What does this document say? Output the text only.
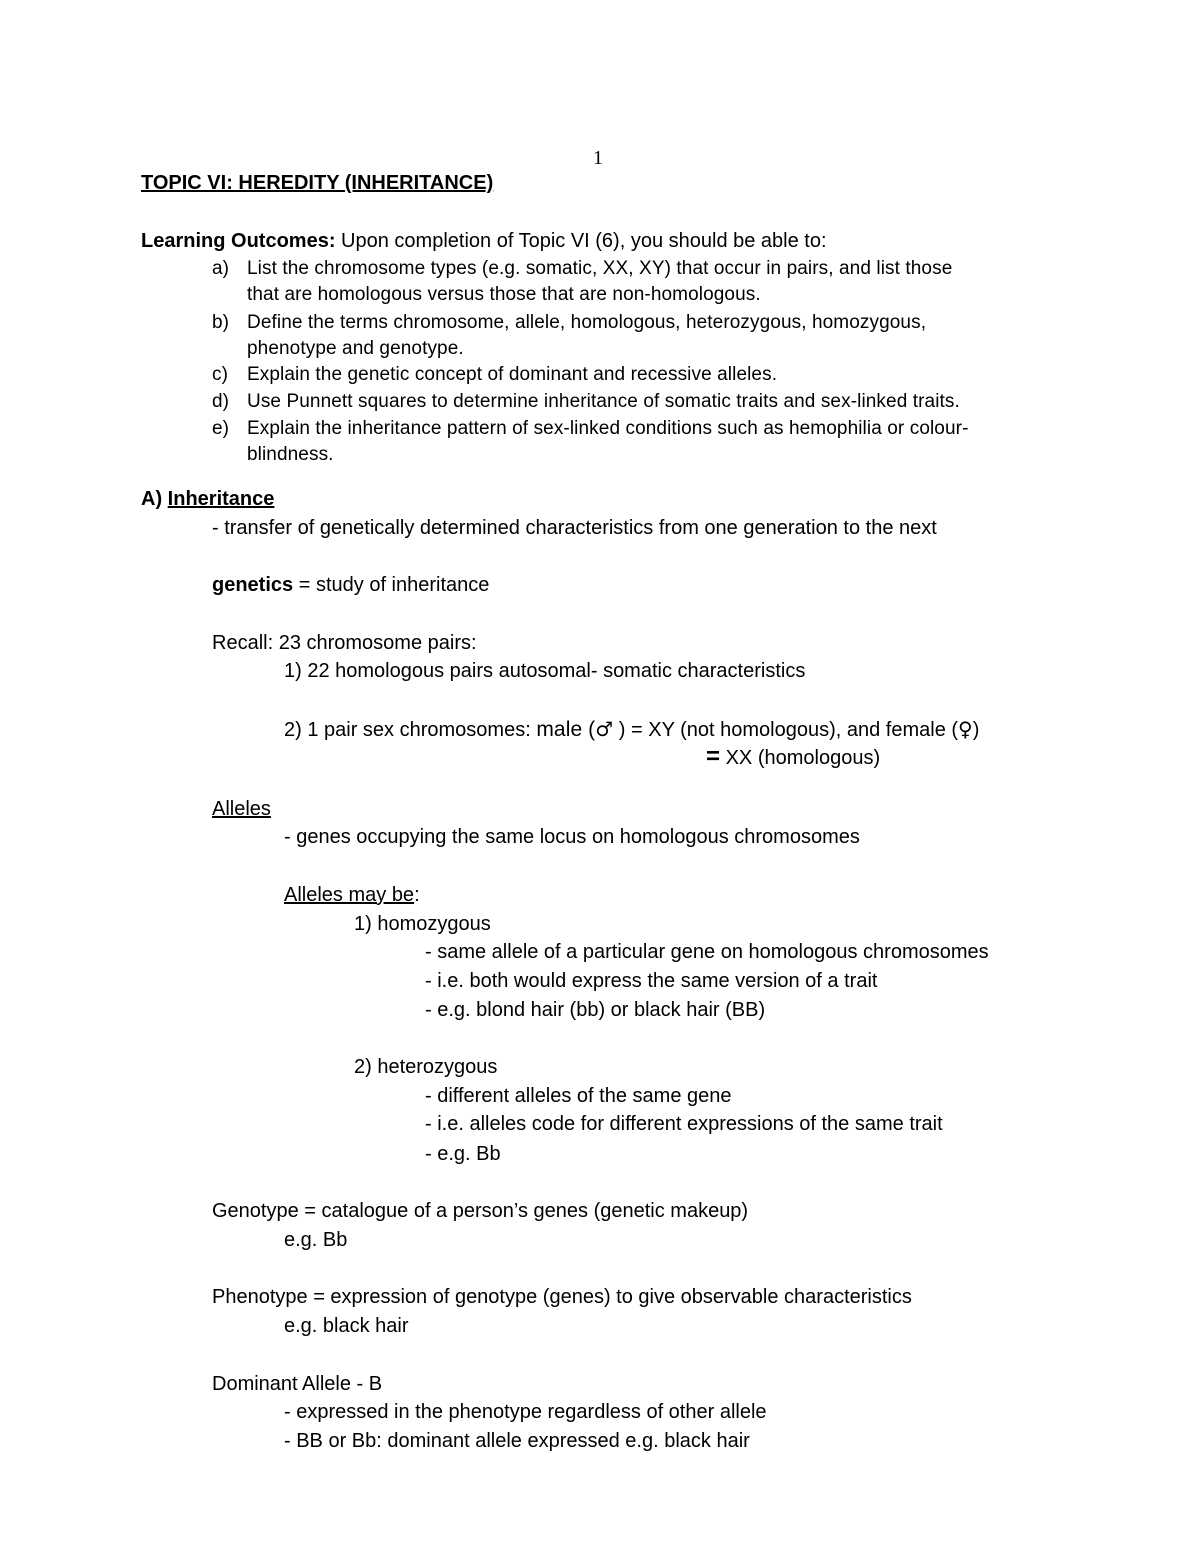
1
TOPIC VI: HEREDITY (INHERITANCE)
Learning Outcomes: Upon completion of Topic VI (6), you should be able to:
a) List the chromosome types (e.g. somatic, XX, XY) that occur in pairs, and list those
that are homologous versus those that are non-homologous.
b) Define the terms chromosome, allele, homologous, heterozygous, homozygous,
phenotype and genotype.
c) Explain the genetic concept of dominant and recessive alleles.
d) Use Punnett squares to determine inheritance of somatic traits and sex-linked traits.
e) Explain the inheritance pattern of sex-linked conditions such as hemophilia or colour-
blindness.
A) Inheritance
- transfer of genetically determined characteristics from one generation to the next
genetics = study of inheritance
Recall: 23 chromosome pairs:
1) 22 homologous pairs autosomal- somatic characteristics
2) 1 pair sex chromosomes: male (♂ ) = XY (not homologous), and female (♀)
= XX (homologous)
Alleles
- genes occupying the same locus on homologous chromosomes
Alleles may be:
1) homozygous
- same allele of a particular gene on homologous chromosomes
- i.e. both would express the same version of a trait
- e.g. blond hair (bb) or black hair (BB)
2) heterozygous
- different alleles of the same gene
- i.e. alleles code for different expressions of the same trait
- e.g. Bb
Genotype = catalogue of a person’s genes (genetic makeup)
e.g. Bb
Phenotype = expression of genotype (genes) to give observable characteristics
e.g. black hair
Dominant Allele - B
- expressed in the phenotype regardless of other allele
- BB or Bb: dominant allele expressed e.g. black hair
